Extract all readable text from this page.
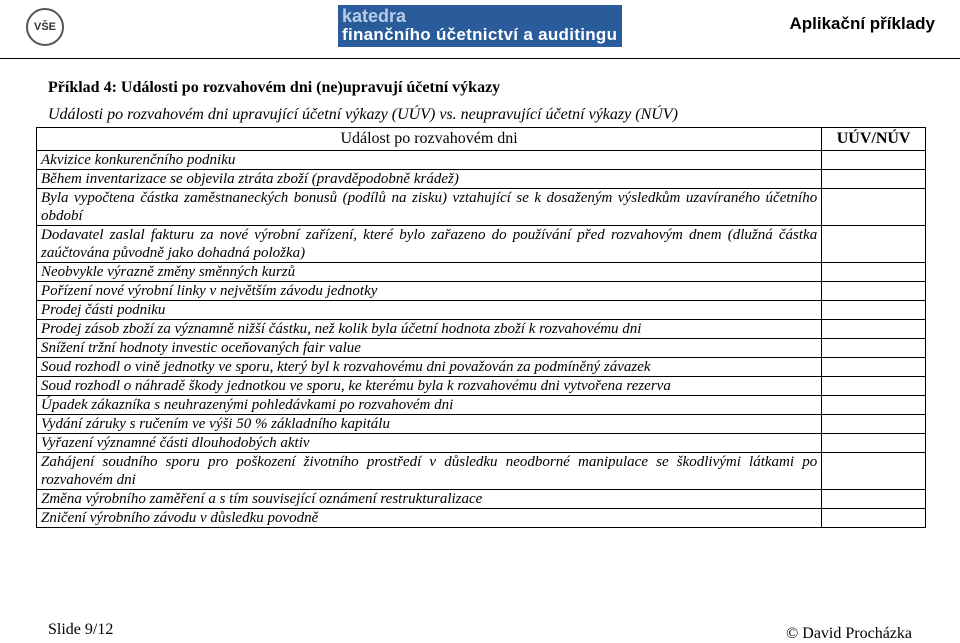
VŠE
katedra
finančního účetnictví a auditingu
Aplikační příklady
Příklad 4: Události po rozvahovém dni (ne)upravují účetní výkazy
Události po rozvahovém dni upravující účetní výkazy (UÚV) vs. neupravující účetní výkazy (NÚV)
Událost po rozvahovém dni	UÚV/NÚV
Akvizice konkurenčního podniku	
Během inventarizace se objevila ztráta zboží (pravděpodobně krádež)	
Byla vypočtena částka zaměstnaneckých bonusů (podílů na zisku) vztahující se k dosaženým výsledkům uzavíraného účetního období	
Dodavatel zaslal fakturu za nové výrobní zařízení, které bylo zařazeno do používání před rozvahovým dnem (dlužná částka zaúčtována původně jako dohadná položka)	
Neobvykle výrazně změny směnných kurzů	
Pořízení nové výrobní linky v největším závodu jednotky	
Prodej části podniku	
Prodej zásob zboží za významně nižší částku, než kolik byla účetní hodnota zboží k rozvahovému dni	
Snížení tržní hodnoty investic oceňovaných fair value	
Soud rozhodl o vině jednotky ve sporu, který byl k rozvahovému dni považován za podmíněný závazek	
Soud rozhodl o náhradě škody jednotkou ve sporu, ke kterému byla k rozvahovému dni vytvořena rezerva	
Úpadek zákazníka s neuhrazenými pohledávkami po rozvahovém dni	
Vydání záruky s ručením ve výši 50 % základního kapitálu	
Vyřazení významné části dlouhodobých aktiv	
Zahájení soudního sporu pro poškození životního prostředí v důsledku neodborné manipulace se škodlivými látkami po rozvahovém dni	
Změna výrobního zaměření a s tím související oznámení restrukturalizace	
Zničení výrobního závodu v důsledku povodně	
Slide 9/12	© David Procházka
